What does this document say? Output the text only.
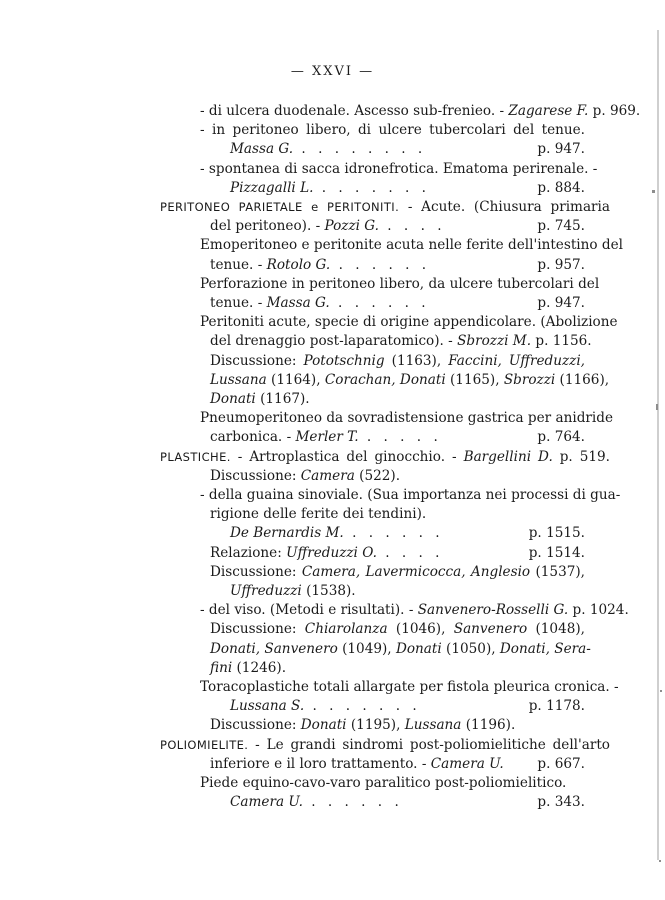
— XXVI —
- di ulcera duodenale. Ascesso sub-frenieo. - Zagarese F. p. 969.
- in peritoneo libero, di ulcere tubercolari del tenue.
Massa G. . . . . . . . .	p. 947.
- spontanea di sacca idronefrotica. Ematoma perirenale. -
Pizzagalli L. . . . . . . .	p. 884.
PERITONEO PARIETALE e PERITONITI. - Acute. (Chiusura primaria
del peritoneo). - Pozzi G. . . . .	p. 745.
Emoperitoneo e peritonite acuta nelle ferite dell'intestino del
tenue. - Rotolo G. . . . . . .	p. 957.
Perforazione in peritoneo libero, da ulcere tubercolari del
tenue. - Massa G. . . . . . .	p. 947.
Peritoniti acute, specie di origine appendicolare. (Abolizione
del drenaggio post-laparatomico). - Sbrozzi M. p. 1156.
Discussione: Pototschnig (1163), Faccini, Uffreduzzi,
Lussana (1164), Corachan, Donati (1165), Sbrozzi (1166),
Donati (1167).
Pneumoperitoneo da sovradistensione gastrica per anidride
carbonica. - Merler T. . . . . .	p. 764.
PLASTICHE. - Artroplastica del ginocchio. - Bargellini D. p. 519.
Discussione: Camera (522).
- della guaina sinoviale. (Sua importanza nei processi di gua-
rigione delle ferite dei tendini).
De Bernardis M. . . . . . .	p. 1515.
Relazione: Uffreduzzi O. . . . .	p. 1514.
Discussione: Camera, Lavermicocca, Anglesio (1537),
Uffreduzzi (1538).
- del viso. (Metodi e risultati). - Sanvenero-Rosselli G. p. 1024.
Discussione: Chiarolanza (1046), Sanvenero (1048),
Donati, Sanvenero (1049), Donati (1050), Donati, Sera-
fini (1246).
Toracoplastiche totali allargate per fistola pleurica cronica. -
Lussana S. . . . . . . .	p. 1178.
Discussione: Donati (1195), Lussana (1196).
POLIOMIELITE. - Le grandi sindromi post-poliomielitiche dell'arto
inferiore e il loro trattamento. - Camera U. p. 667.
Piede equino-cavo-varo paralitico post-poliomielitico.
Camera U. . . . . . .	p. 343.
